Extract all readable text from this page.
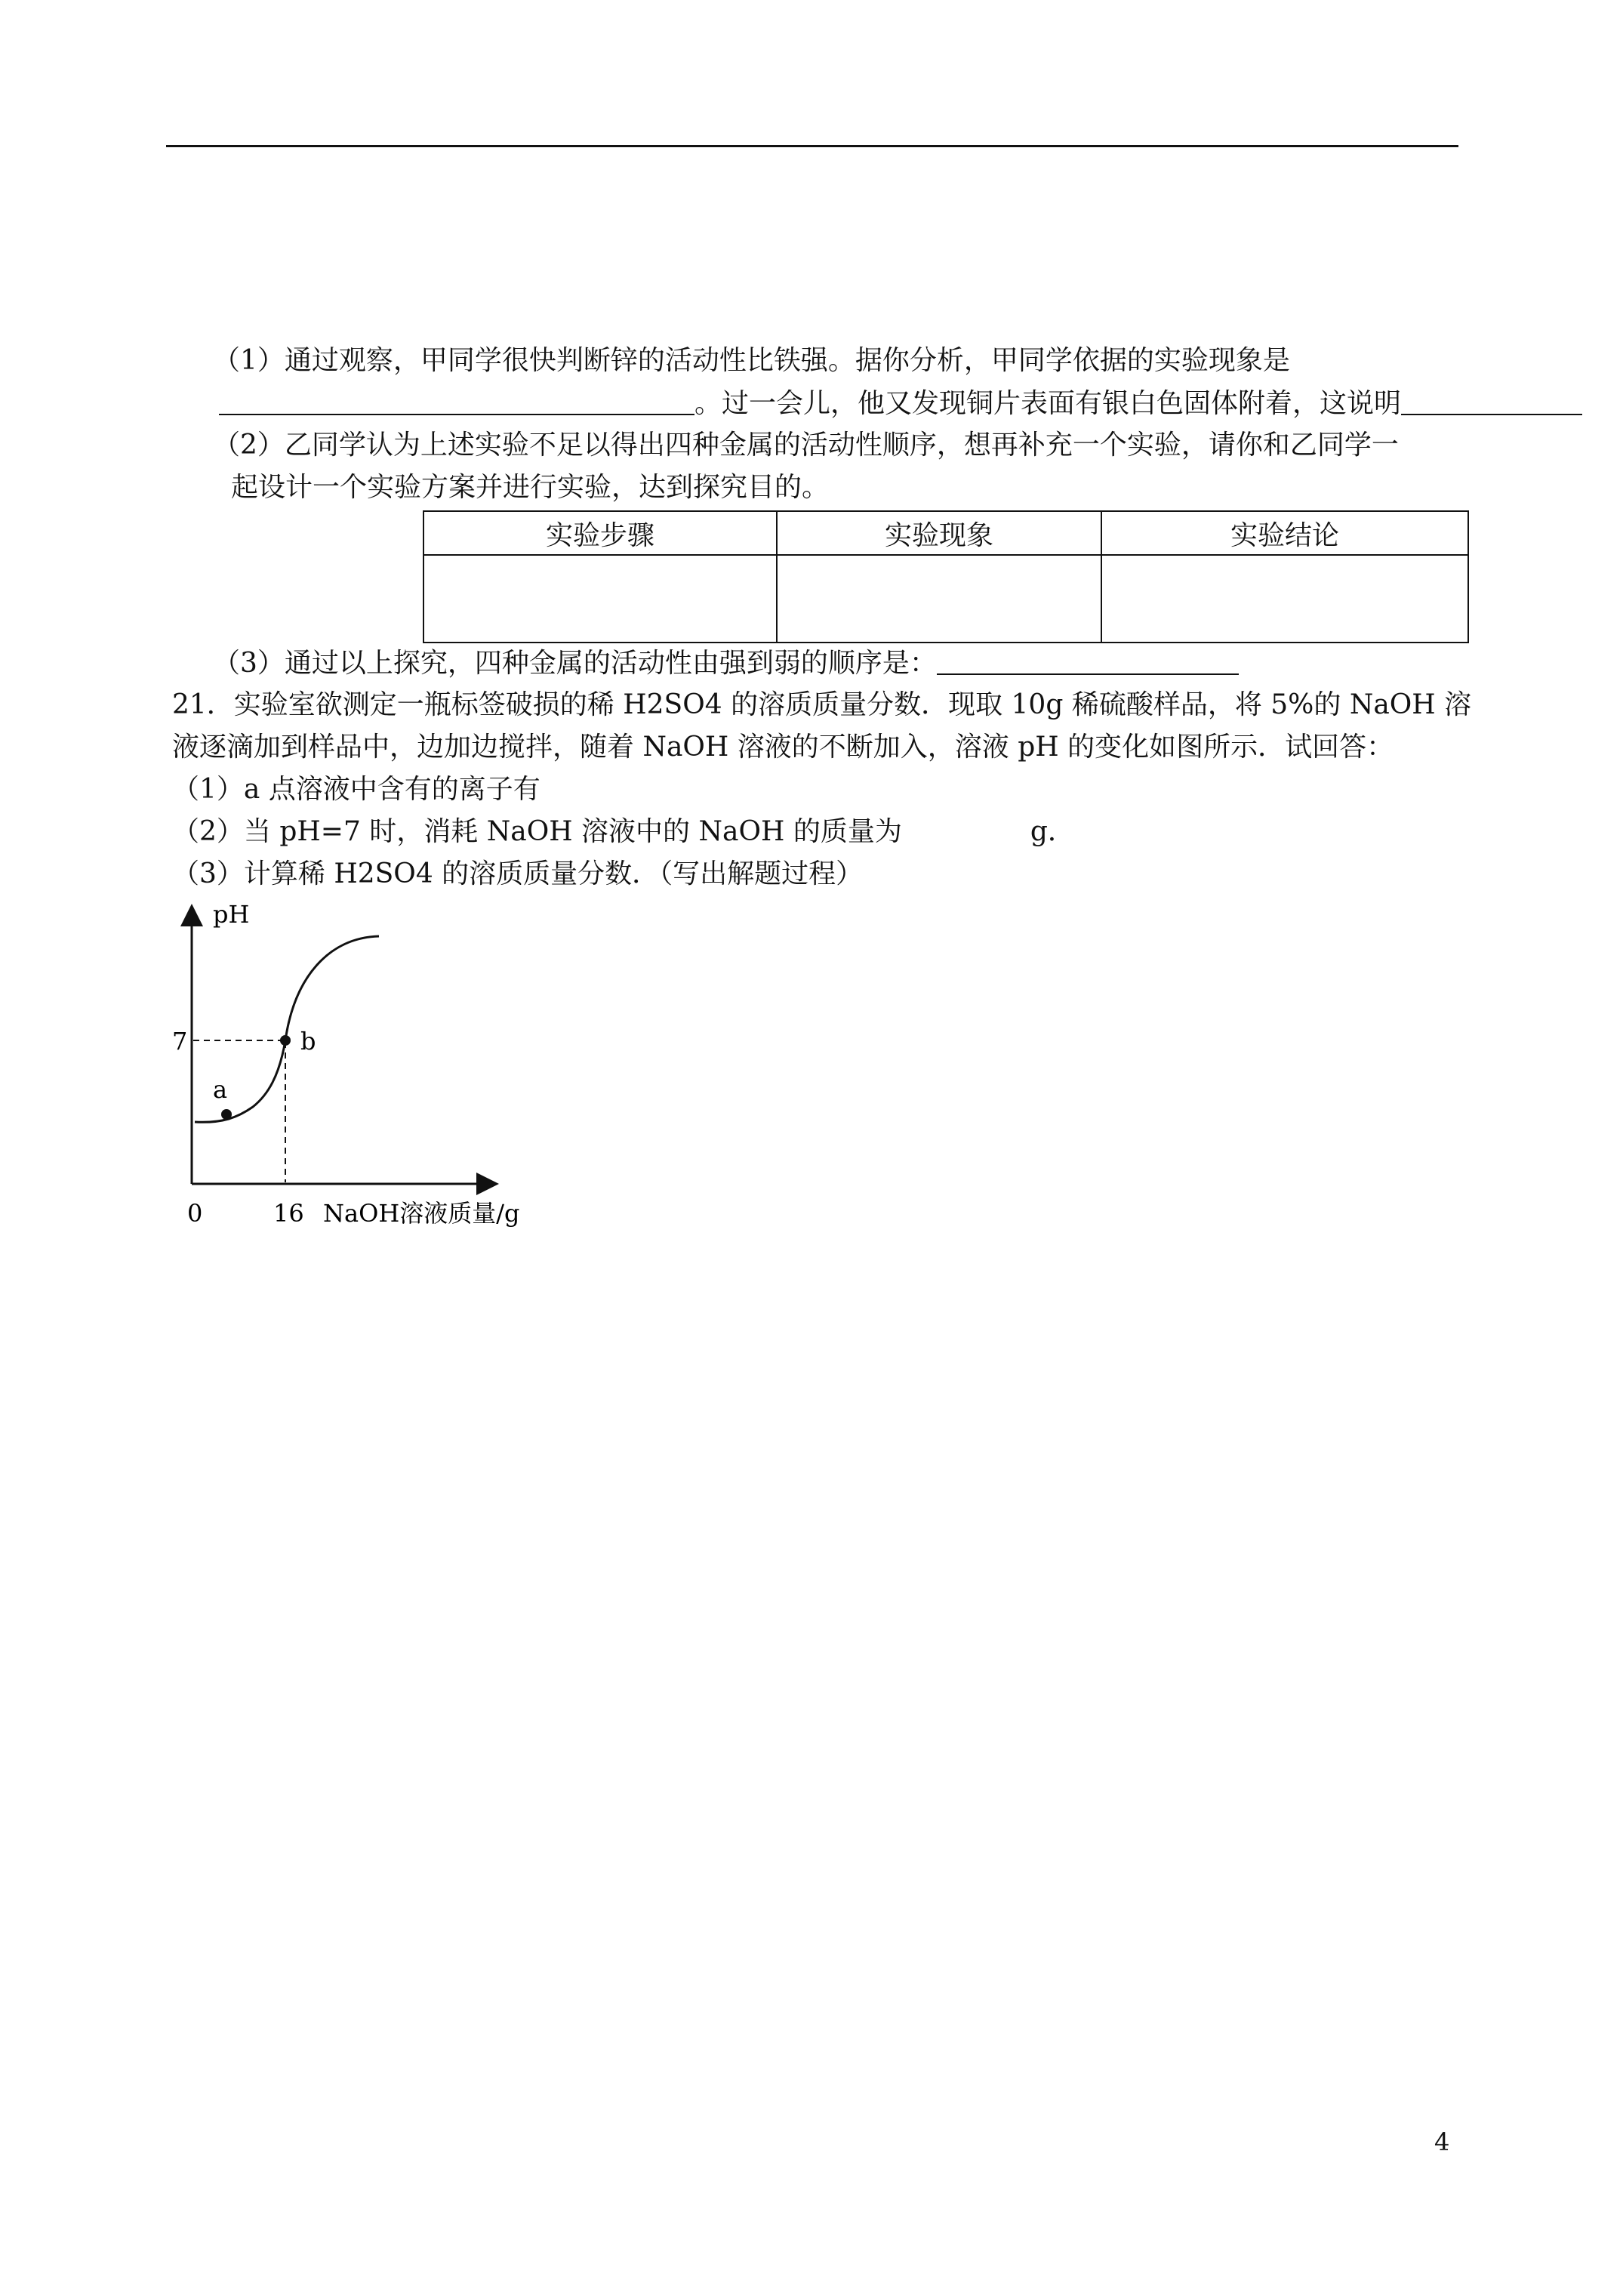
（1）通过观察，甲同学很快判断锌的活动性比铁强。据你分析，甲同学依据的实验现象是
。过一会儿，他又发现铜片表面有银白色固体附着，这说明
（2）乙同学认为上述实验不足以得出四种金属的活动性顺序，想再补充一个实验，请你和乙同学一
起设计一个实验方案并进行实验，达到探究目的。
实验步骤	实验现象	实验结论

（3）通过以上探究，四种金属的活动性由强到弱的顺序是：
21．实验室欲测定一瓶标签破损的稀 H2SO4 的溶质质量分数．现取 10g 稀硫酸样品，将 5%的 NaOH 溶
液逐滴加到样品中，边加边搅拌，随着 NaOH 溶液的不断加入，溶液 pH 的变化如图所示．试回答：
（1）a 点溶液中含有的离子有
（2）当 pH=7 时，消耗 NaOH 溶液中的 NaOH 的质量为	g．
（3）计算稀 H2SO4 的溶质质量分数．（写出解题过程）
a
b
pH
7
0	16 NaOH溶液质量/g
4
